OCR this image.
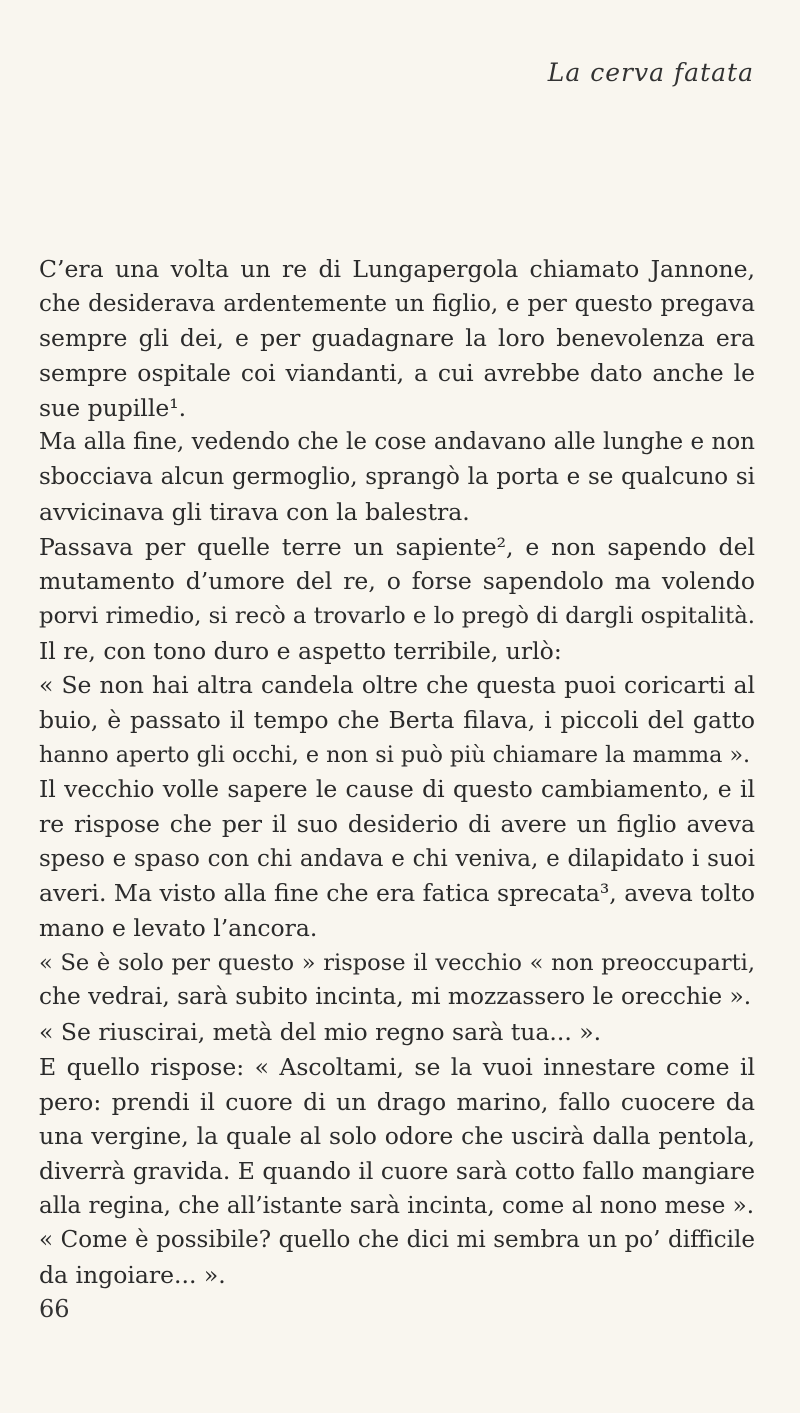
La cerva fatata
C’era una volta un re di Lungapergola chiamato Jannone,
che desiderava ardentemente un figlio, e per questo pregava
sempre gli dei, e per guadagnare la loro benevolenza era
sempre ospitale coi viandanti, a cui avrebbe dato anche le
sue pupille¹.
Ma alla fine, vedendo che le cose andavano alle lunghe e non
sbocciava alcun germoglio, sprangò la porta e se qualcuno si
avvicinava gli tirava con la balestra.
Passava per quelle terre un sapiente², e non sapendo del
mutamento d’umore del re, o forse sapendolo ma volendo
porvi rimedio, si recò a trovarlo e lo pregò di dargli ospitalità.
Il re, con tono duro e aspetto terribile, urlò:
« Se non hai altra candela oltre che questa puoi coricarti al
buio, è passato il tempo che Berta filava, i piccoli del gatto
hanno aperto gli occhi, e non si può più chiamare la mamma ».
Il vecchio volle sapere le cause di questo cambiamento, e il
re rispose che per il suo desiderio di avere un figlio aveva
speso e spaso con chi andava e chi veniva, e dilapidato i suoi
averi. Ma visto alla fine che era fatica sprecata³, aveva tolto
mano e levato l’ancora.
« Se è solo per questo » rispose il vecchio « non preoccuparti,
che vedrai, sarà subito incinta, mi mozzassero le orecchie ».
« Se riuscirai, metà del mio regno sarà tua... ».
E quello rispose: « Ascoltami, se la vuoi innestare come il
pero: prendi il cuore di un drago marino, fallo cuocere da
una vergine, la quale al solo odore che uscirà dalla pentola,
diverrà gravida. E quando il cuore sarà cotto fallo mangiare
alla regina, che all’istante sarà incinta, come al nono mese ».
« Come è possibile? quello che dici mi sembra un po’ difficile
da ingoiare... ».
66
